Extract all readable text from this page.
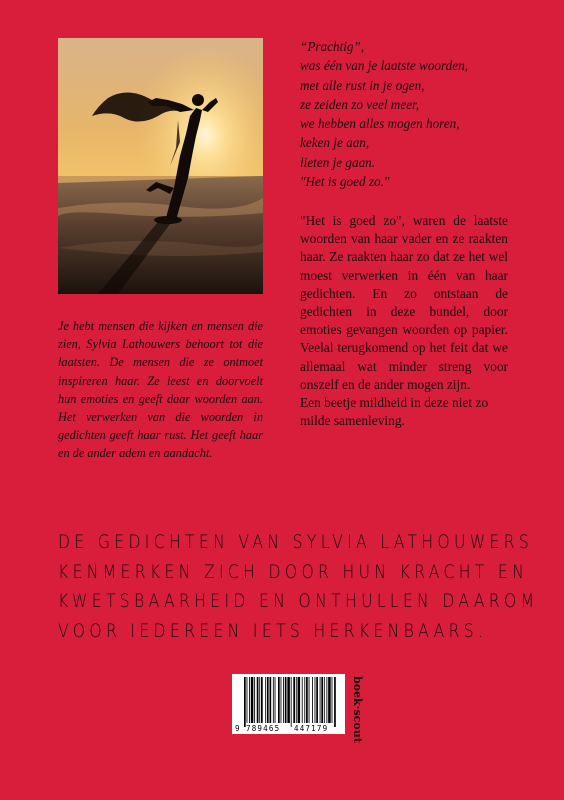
“Prachtig”,
was één van je laatste woorden,
met alle rust in je ogen,
ze zeiden zo veel meer,
we hebben alles mogen horen,
keken je aan,
lieten je gaan.
"Het is goed zo."

"Het is goed zo", waren de laatste woorden van haar vader en ze raakten haar. Ze raakten haar zo dat ze het wel moest verwerken in één van haar gedichten. En zo ontstaan de gedichten in deze bundel, door emoties gevangen woorden op papier. Veelal terugkomend op het feit dat we allemaal wat minder streng voor onszelf en de ander mogen zijn.

Een beetje mildheid in deze niet zo milde samenleving.

Je hebt mensen die kijken en mensen die zien, Sylvia Lathouwers behoort tot die laatsten. De mensen die ze ontmoet inspireren haar. Ze leest en doorvoelt hun emoties en geeft daar woorden aan. Het verwerken van die woorden in gedichten geeft haar rust. Het geeft haar en de ander adem en aandacht.
DE GEDICHTEN VAN SYLVIA LATHOUWERS
KENMERKEN ZICH DOOR HUN KRACHT EN
KWETSBAARHEID EN ONTHULLEN DAAROM
VOOR IEDEREEN IETS HERKENBAARS.
9 789465 447179 boek·scout
